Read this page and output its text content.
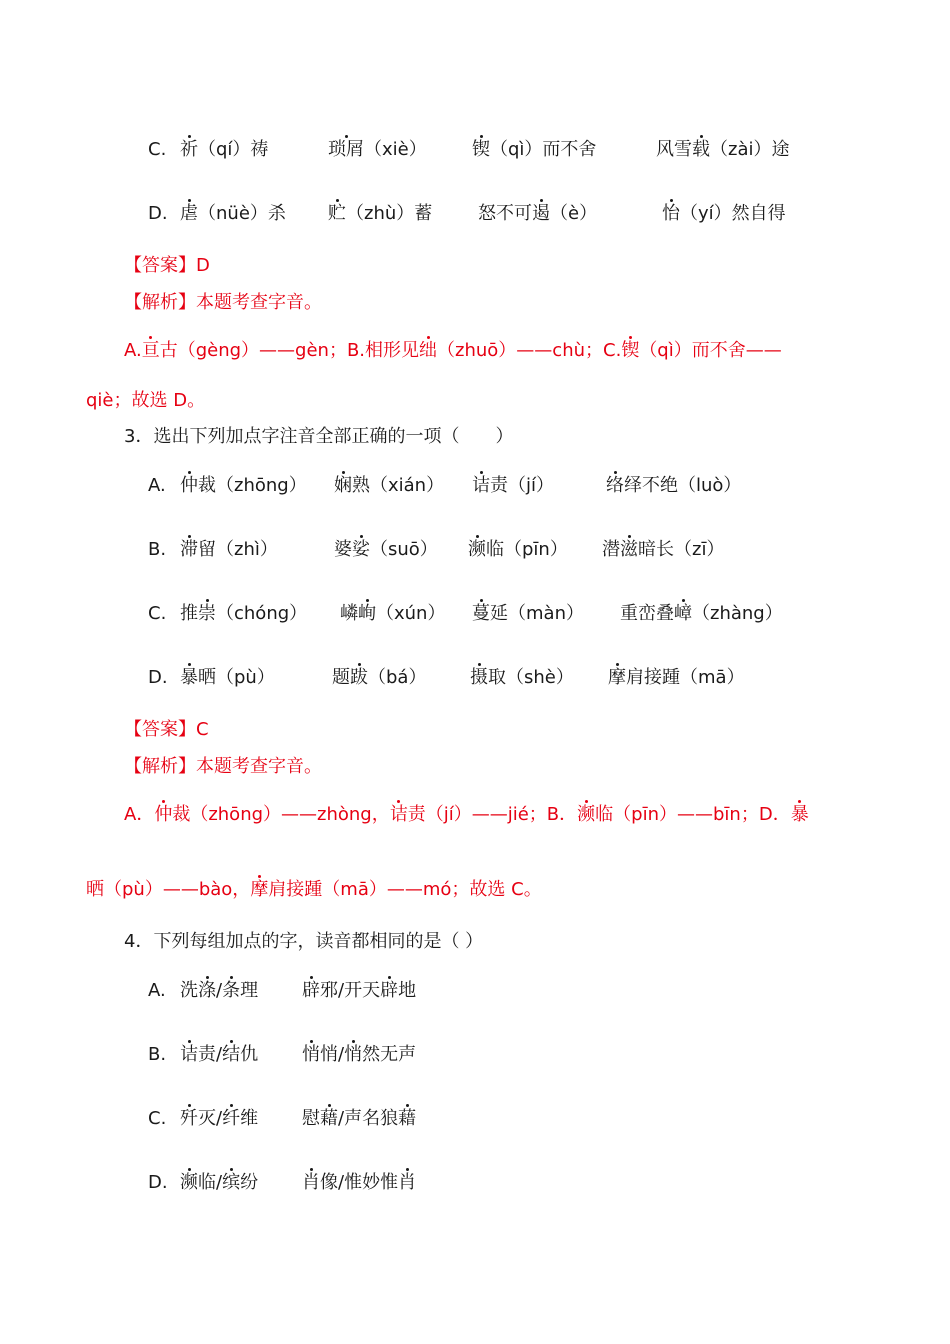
C. 祈（qí）祷	琐屑（xiè）	锲（qì）而不舍	风雪载（zài）途
D. 虐（nüè）杀 贮（zhù）蓄	怒不可遏（è）	怡（yí）然自得
【答案】D
【解析】本题考查字音。
A.亘古（gèng）——gèn；B.相形见绌（zhuō）——chù；C.锲（qì）而不舍——
qiè；故选 D。
3．选出下列加点字注音全部正确的一项（　　）
A. 仲裁（zhōng） 娴熟（xián） 诘责（jí）	络绎不绝（luò）
B. 滞留（zhì）	婆娑（suō） 濒临（pīn） 潜滋暗长（zī）
C. 推崇（chóng） 嶙峋（xún） 蔓延（màn） 重峦叠嶂（zhàng）
D. 暴晒（pù）	题跋（bá） 摄取（shè） 摩肩接踵（mā）
【答案】C
【解析】本题考查字音。
A．仲裁（zhōng）——zhòng，诘责（jí）——jié；B．濒临（pīn）——bīn；D．暴
晒（pù）——bào，摩肩接踵（mā）——mó；故选 C。
4．下列每组加点的字，读音都相同的是（ ）
A. 洗涤/条理 辟邪/开天辟地
B. 诘责/结仇 悄悄/悄然无声
C. 歼灭/纤维 慰藉/声名狼藉
D. 濒临/缤纷 肖像/惟妙惟肖
